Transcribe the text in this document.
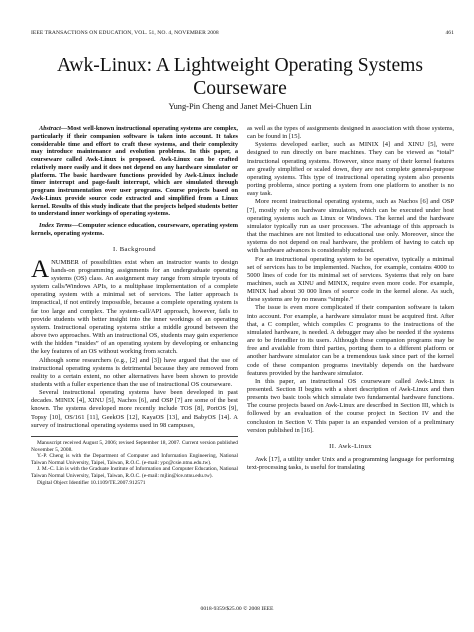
IEEE TRANSACTIONS ON EDUCATION, VOL. 51, NO. 4, NOVEMBER 2008	461
Awk-Linux: A Lightweight Operating Systems Courseware
Yung-Pin Cheng and Janet Mei-Chuen Lin

Abstract—Most well-known instructional operating systems are complex, particularly if their companion software is taken into account. It takes considerable time and effort to craft these systems, and their complexity may introduce maintenance and evolution problems. In this paper, a courseware called Awk-Linux is proposed. Awk-Linux can be crafted relatively more easily and it does not depend on any hardware simulator or platform. The basic hardware functions provided by Awk-Linux include timer interrupt and page-fault interrupt, which are simulated through program instrumentation over user programs. Course projects based on Awk-Linux provide source code extracted and simplified from a Linux kernel. Results of this study indicate that the projects helped students better to understand inner workings of operating systems.

Index Terms—Computer science education, courseware, operating system kernels, operating systems.

I. Background

ANUMBER of possibilities exist when an instructor wants to design hands-on programming assignments for an undergraduate operating systems (OS) class. An assignment may range from simple tryouts of system calls/Windows APIs, to a multiphase implementation of a complete operating system with a minimal set of services. The latter approach is impractical, if not entirely impossible, because a complete operating system is far too large and complex. The system-call/API approach, however, fails to provide students with better insight into the inner workings of an operating system. Instructional operating systems strike a middle ground between the above two approaches. With an instructional OS, students may gain experience with the hidden “insides” of an operating system by developing or enhancing the key features of an OS without working from scratch.

Although some researchers (e.g., [2] and [3]) have argued that the use of instructional operating systems is detrimental because they are removed from reality to a certain extent, no other alternatives have been shown to provide students with a fuller experience than the use of instructional OS courseware.

Several instructional operating systems have been developed in past decades. MINIX [4], XINU [5], Nachos [6], and OSP [7] are some of the best known. The systems developed more recently include TOS [8], PortOS [9], Topsy [10], OS/161 [11], GeekOS [12], KayaOS [13], and BabyOS [14]. A survey of instructional operating systems used in 98 campuses,

Manuscript received August 5, 2006; revised September 18, 2007. Current version published November 5, 2008.

Y.-P. Cheng is with the Department of Computer and Information Engineering, National Taiwan Normal University, Taipei, Taiwan, R.O.C. (e-mail: ypc@csie.ntnu.edu.tw).

J. M.-C. Lin is with the Graduate Institute of Information and Computer Education, National Taiwan Normal University, Taipei, Taiwan, R.O.C. (e-mail: mjlin@ice.ntnu.edu.tw).

Digital Object Identifier 10.1109/TE.2007.912571

as well as the types of assignments designed in association with those systems, can be found in [15].

Systems developed earlier, such as MINIX [4] and XINU [5], were designed to run directly on bare machines. They can be viewed as “total” instructional operating systems. However, since many of their kernel features are greatly simplified or scaled down, they are not complete general-purpose operating systems. This type of instructional operating system also presents porting problems, since porting a system from one platform to another is no easy task.

More recent instructional operating systems, such as Nachos [6] and OSP [7], mostly rely on hardware simulators, which can be executed under host operating systems such as Linux or Windows. The kernel and the hardware simulator typically run as user processes. The advantage of this approach is that the machines are not limited to educational use only. Moreover, since the systems do not depend on real hardware, the problem of having to catch up with hardware advances is considerably reduced.

For an instructional operating system to be operative, typically a minimal set of services has to be implemented. Nachos, for example, contains 4000 to 5000 lines of code for its minimal set of services. Systems that rely on bare machines, such as XINU and MINIX, require even more code. For example, MINIX had about 30 000 lines of source code in the kernel alone. As such, these systems are by no means “simple.”

The issue is even more complicated if their companion software is taken into account. For example, a hardware simulator must be acquired first. After that, a C compiler, which compiles C programs to the instructions of the simulated hardware, is needed. A debugger may also be needed if the systems are to be friendlier to its users. Although these companion programs may be free and available from third parties, porting them to a different platform or another hardware simulator can be a tremendous task since part of the kernel code of these companion programs inevitably depends on the hardware features provided by the hardware simulator.

In this paper, an instructional OS courseware called Awk-Linux is presented. Section II begins with a short description of Awk-Linux and then presents two basic tools which simulate two fundamental hardware functions. The course projects based on Awk-Linux are described in Section III, which is followed by an evaluation of the course project in Section IV and the conclusion in Section V. This paper is an expanded version of a preliminary version published in [16].

II. Awk-Linux

Awk [17], a utility under Unix and a programming language for performing text-processing tasks, is useful for translating

0018-9359/$25.00 © 2008 IEEE
